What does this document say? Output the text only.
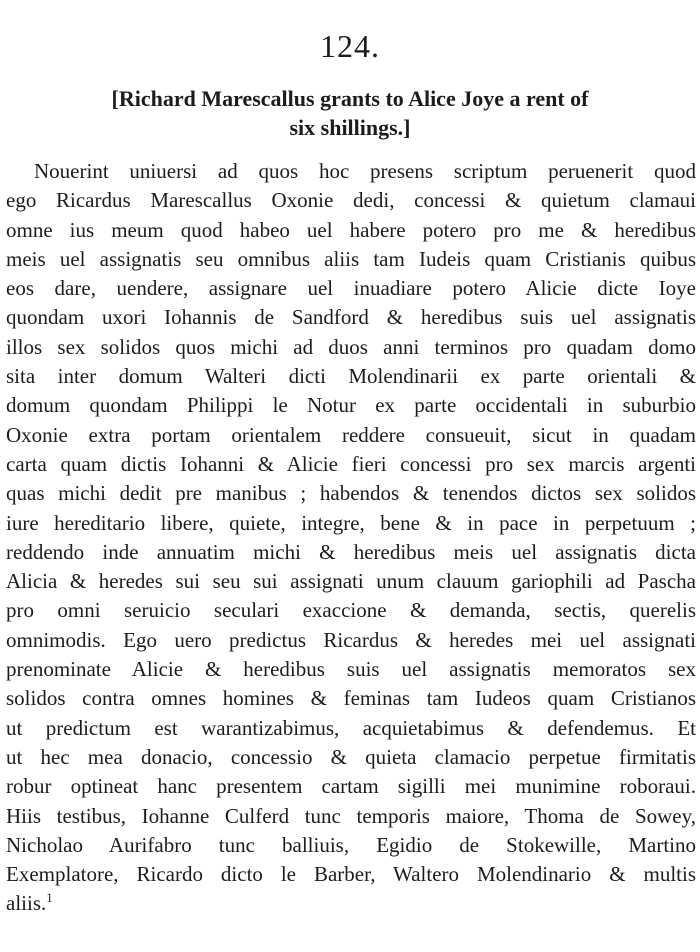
124.
[Richard Marescallus grants to Alice Joye a rent of
six shillings.]
Nouerint uniuersi ad quos hoc presens scriptum peruenerit quod
ego Ricardus Marescallus Oxonie dedi, concessi & quietum clamaui
omne ius meum quod habeo uel habere potero pro me & heredibus
meis uel assignatis seu omnibus aliis tam Iudeis quam Cristianis quibus
eos dare, uendere, assignare uel inuadiare potero Alicie dicte Ioye
quondam uxori Iohannis de Sandford & heredibus suis uel assignatis
illos sex solidos quos michi ad duos anni terminos pro quadam domo
sita inter domum Walteri dicti Molendinarii ex parte orientali &
domum quondam Philippi le Notur ex parte occidentali in suburbio
Oxonie extra portam orientalem reddere consueuit, sicut in quadam
carta quam dictis Iohanni & Alicie fieri concessi pro sex marcis argenti
quas michi dedit pre manibus ; habendos & tenendos dictos sex solidos
iure hereditario libere, quiete, integre, bene & in pace in perpetuum ;
reddendo inde annuatim michi & heredibus meis uel assignatis dicta
Alicia & heredes sui seu sui assignati unum clauum gariophili ad Pascha
pro omni seruicio seculari exaccione & demanda, sectis, querelis
omnimodis. Ego uero predictus Ricardus & heredes mei uel assignati
prenominate Alicie & heredibus suis uel assignatis memoratos sex
solidos contra omnes homines & feminas tam Iudeos quam Cristianos
ut predictum est warantizabimus, acquietabimus & defendemus. Et
ut hec mea donacio, concessio & quieta clamacio perpetue firmitatis
robur optineat hanc presentem cartam sigilli mei munimine roboraui.
Hiis testibus, Iohanne Culferd tunc temporis maiore, Thoma de Sowey,
Nicholao Aurifabro tunc balliuis, Egidio de Stokewille, Martino
Exemplatore, Ricardo dicto le Barber, Waltero Molendinario & multis
aliis.$^1$
